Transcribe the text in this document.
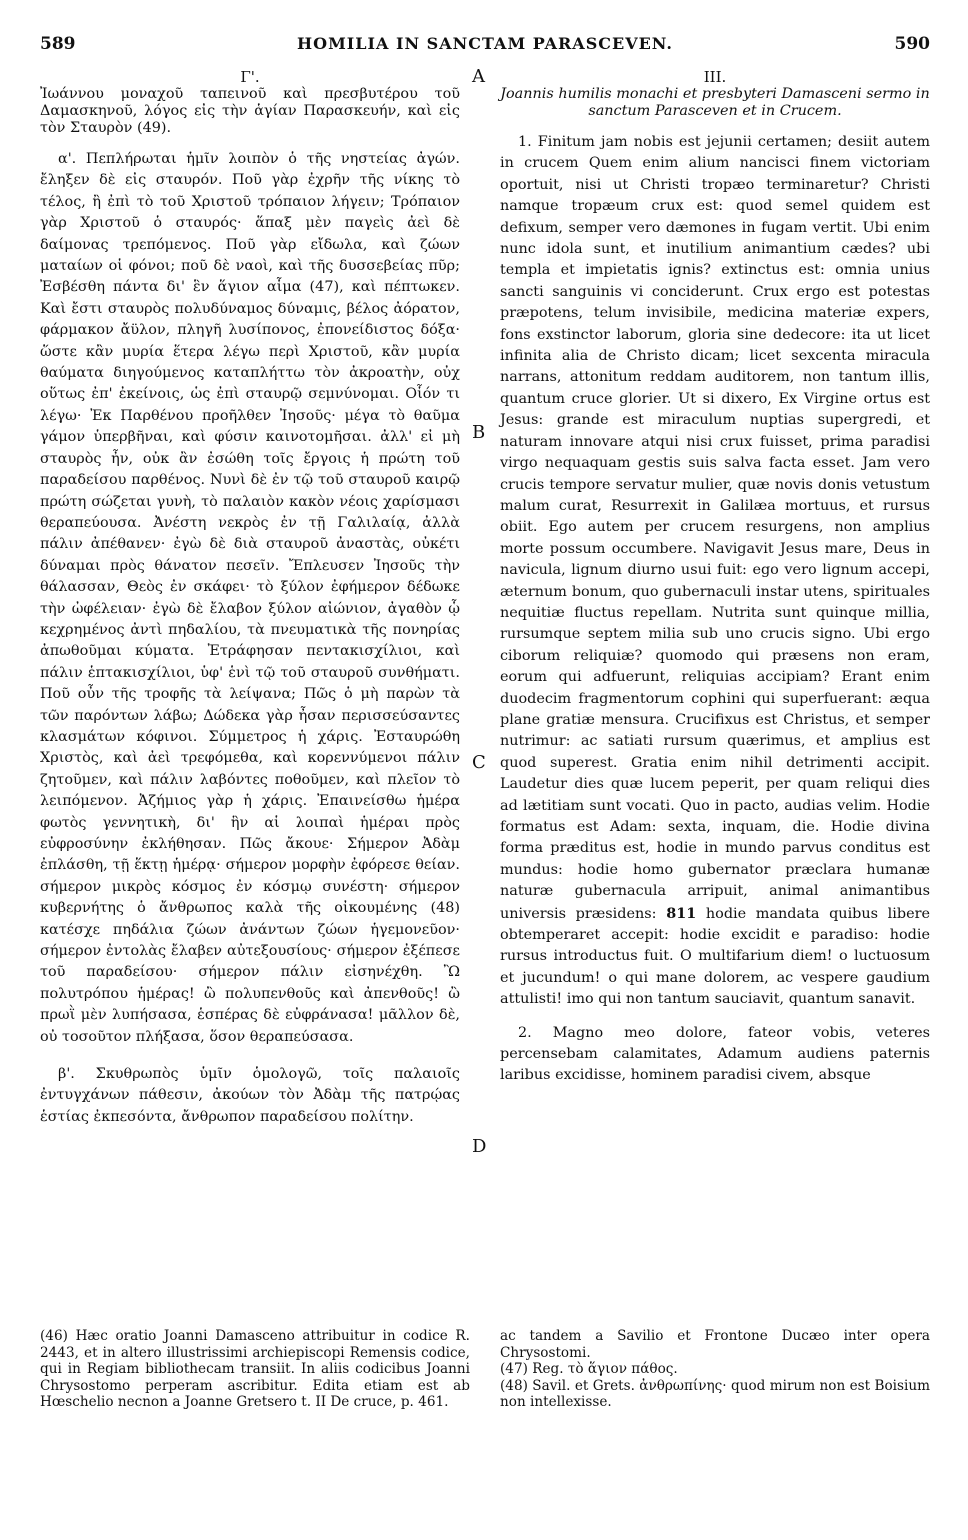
589	HOMILIA IN SANCTAM PARASCEVEN.	590
A
B
C
D
Γ'.

Ἰωάννου μοναχοῦ ταπεινοῦ καὶ πρεσβυτέρου τοῦ Δαμασκηνοῦ, λόγος εἰς τὴν ἁγίαν Παρασκευήν, καὶ εἰς τὸν Σταυρὸν (49).

α'. Πεπλήρωται ἡμῖν λοιπὸν ὁ τῆς νηστείας ἀγών. ἔληξεν δὲ εἰς σταυρόν. Ποῦ γὰρ ἐχρῆν τῆς νίκης τὸ τέλος, ἢ ἐπὶ τὸ τοῦ Χριστοῦ τρόπαιον λήγειν; Τρόπαιον γὰρ Χριστοῦ ὁ σταυρός· ἅπαξ μὲν παγεὶς ἀεὶ δὲ δαίμονας τρεπόμενος. Ποῦ γὰρ εἴδωλα, καὶ ζώων ματαίων οἱ φόνοι; ποῦ δὲ ναοὶ, καὶ τῆς δυσσεβείας πῦρ; Ἐσβέσθη πάντα δι' ἓν ἅγιον αἷμα (47), καὶ πέπτωκεν. Καὶ ἔστι σταυρὸς πολυδύναμος δύναμις, βέλος ἀόρατον, φάρμακον ἄϋλον, πληγῆ λυσίπονος, ἐπονείδιστος δόξα· ὥστε κἂν μυρία ἕτερα λέγω περὶ Χριστοῦ, κἂν μυρία θαύματα διηγούμενος καταπλήττω τὸν ἀκροατὴν, οὐχ οὕτως ἐπ' ἐκείνοις, ὡς ἐπὶ σταυρῷ σεμνύνομαι. Οἷόν τι λέγω· Ἐκ Παρθένου προῆλθεν Ἰησοῦς· μέγα τὸ θαῦμα γάμον ὑπερβῆναι, καὶ φύσιν καινοτομῆσαι. ἀλλ' εἰ μὴ σταυρὸς ἦν, οὐκ ἂν ἐσώθη τοῖς ἔργοις ἡ πρώτη τοῦ παραδείσου παρθένος. Νυνὶ δὲ ἐν τῷ τοῦ σταυροῦ καιρῷ πρώτη σώζεται γυνὴ, τὸ παλαιὸν κακὸν νέοις χαρίσμασι θεραπεύουσα. Ἀνέστη νεκρὸς ἐν τῇ Γαλιλαίᾳ, ἀλλὰ πάλιν ἀπέθανεν· ἐγὼ δὲ διὰ σταυροῦ ἀναστὰς, οὐκέτι δύναμαι πρὸς θάνατον πεσεῖν. Ἔπλευσεν Ἰησοῦς τὴν θάλασσαν, Θεὸς ἐν σκάφει· τὸ ξύλον ἐφήμερον δέδωκε τὴν ὠφέλειαν· ἐγὼ δὲ ἔλαβον ξύλον αἰώνιον, ἀγαθὸν ᾧ κεχρημένος ἀντὶ πηδαλίου, τὰ πνευματικὰ τῆς πονηρίας ἀπωθοῦμαι κύματα. Ἐτράφησαν πεντακισχίλιοι, καὶ πάλιν ἑπτακισχίλιοι, ὑφ' ἑνὶ τῷ τοῦ σταυροῦ συνθήματι. Ποῦ οὖν τῆς τροφῆς τὰ λείψανα; Πῶς ὁ μὴ παρὼν τὰ τῶν παρόντων λάβω; Δώδεκα γὰρ ἦσαν περισσεύσαντες κλασμάτων κόφινοι. Σύμμετρος ἡ χάρις. Ἐσταυρώθη Χριστὸς, καὶ ἀεὶ τρεφόμεθα, καὶ κορεννύμενοι πάλιν ζητοῦμεν, καὶ πάλιν λαβόντες ποθοῦμεν, καὶ πλεῖον τὸ λειπόμενον. Ἀζήμιος γὰρ ἡ χάρις. Ἐπαινείσθω ἡμέρα φωτὸς γεννητικὴ, δι' ἣν αἱ λοιπαὶ ἡμέραι πρὸς εὐφροσύνην ἐκλήθησαν. Πῶς ἄκουε· Σήμερον Ἀδὰμ ἐπλάσθη, τῇ ἕκτῃ ἡμέρᾳ· σήμερον μορφὴν ἐφόρεσε θείαν. σήμερον μικρὸς κόσμος ἐν κόσμῳ συνέστη· σήμερον κυβερνήτης ὁ ἄνθρωπος καλὰ τῆς οἰκουμένης (48) κατέσχε πηδάλια ζώων ἀνάντων ζώων ἡγεμονεῦον· σήμερον ἐντολὰς ἔλαβεν αὐτεξουσίους· σήμερον ἐξέπεσε τοῦ παραδείσου· σήμερον πάλιν εἰσηνέχθη. Ὢ πολυτρόπου ἡμέρας! ὢ πολυπενθοῦς καὶ ἀπενθοῦς! ὢ πρωῒ μὲν λυπήσασα, ἑσπέρας δὲ εὐφράνασα! μᾶλλον δὲ, οὐ τοσοῦτον πλήξασα, ὅσον θεραπεύσασα.

β'. Σκυθρωπὸς ὑμῖν ὁμολογῶ, τοῖς παλαιοῖς ἐντυγχάνων πάθεσιν, ἀκούων τὸν Ἀδὰμ τῆς πατρῴας ἑστίας ἐκπεσόντα, ἄνθρωπον παραδείσου πολίτην.

III.

Joannis humilis monachi et presbyteri Damasceni sermo in sanctum Parasceven et in Crucem.

1. Finitum jam nobis est jejunii certamen; desiit autem in crucem Quem enim alium nancisci finem victoriam oportuit, nisi ut Christi tropæo terminaretur? Christi namque tropæum crux est: quod semel quidem est defixum, semper vero dæmones in fugam vertit. Ubi enim nunc idola sunt, et inutilium animantium cædes? ubi templa et impietatis ignis? extinctus est: omnia unius sancti sanguinis vi conciderunt. Crux ergo est potestas præpotens, telum invisibile, medicina materiæ expers, fons exstinctor laborum, gloria sine dedecore: ita ut licet infinita alia de Christo dicam; licet sexcenta miracula narrans, attonitum reddam auditorem, non tantum illis, quantum cruce glorier. Ut si dixero, Ex Virgine ortus est Jesus: grande est miraculum nuptias supergredi, et naturam innovare atqui nisi crux fuisset, prima paradisi virgo nequaquam gestis suis salva facta esset. Jam vero crucis tempore servatur mulier, quæ novis donis vetustum malum curat, Resurrexit in Galilæa mortuus, et rursus obiit. Ego autem per crucem resurgens, non amplius morte possum occumbere. Navigavit Jesus mare, Deus in navicula, lignum diurno usui fuit: ego vero lignum accepi, æternum bonum, quo gubernaculi instar utens, spirituales nequitiæ fluctus repellam. Nutrita sunt quinque millia, rursumque septem milia sub uno crucis signo. Ubi ergo ciborum reliquiæ? quomodo qui præsens non eram, eorum qui adfuerunt, reliquias accipiam? Erant enim duodecim fragmentorum cophini qui superfuerant: æqua plane gratiæ mensura. Crucifixus est Christus, et semper nutrimur: ac satiati rursum quærimus, et amplius est quod superest. Gratia enim nihil detrimenti accipit. Laudetur dies quæ lucem peperit, per quam reliqui dies ad lætitiam sunt vocati. Quo in pacto, audias velim. Hodie formatus est Adam: sexta, inquam, die. Hodie divina forma præditus est, hodie in mundo parvus conditus est mundus: hodie homo gubernator præclara humanæ naturæ gubernacula arripuit, animal animantibus universis præsidens: 811 hodie mandata quibus libere obtemperaret accepit: hodie excidit e paradiso: hodie rursus introductus fuit. O multifarium diem! o luctuosum et jucundum! o qui mane dolorem, ac vespere gaudium attulisti! imo qui non tantum sauciavit, quantum sanavit.

2. Magno meo dolore, fateor vobis, veteres percensebam calamitates, Adamum audiens paternis laribus excidisse, hominem paradisi civem, absque

(46) Hæc oratio Joanni Damasceno attribuitur in codice R. 2443, et in altero illustrissimi archiepiscopi Remensis codice, qui in Regiam bibliothecam transiit. In aliis codicibus Joanni Chrysostomo perperam ascribitur. Edita etiam est ab Hœschelio necnon a Joanne Gretsero t. II De cruce, p. 461.

ac tandem a Savilio et Frontone Ducæo inter opera Chrysostomi.

(47) Reg. τὸ ἅγιον πάθος.

(48) Savil. et Grets. ἀνθρωπίνης· quod mirum non est Boisium non intellexisse.
